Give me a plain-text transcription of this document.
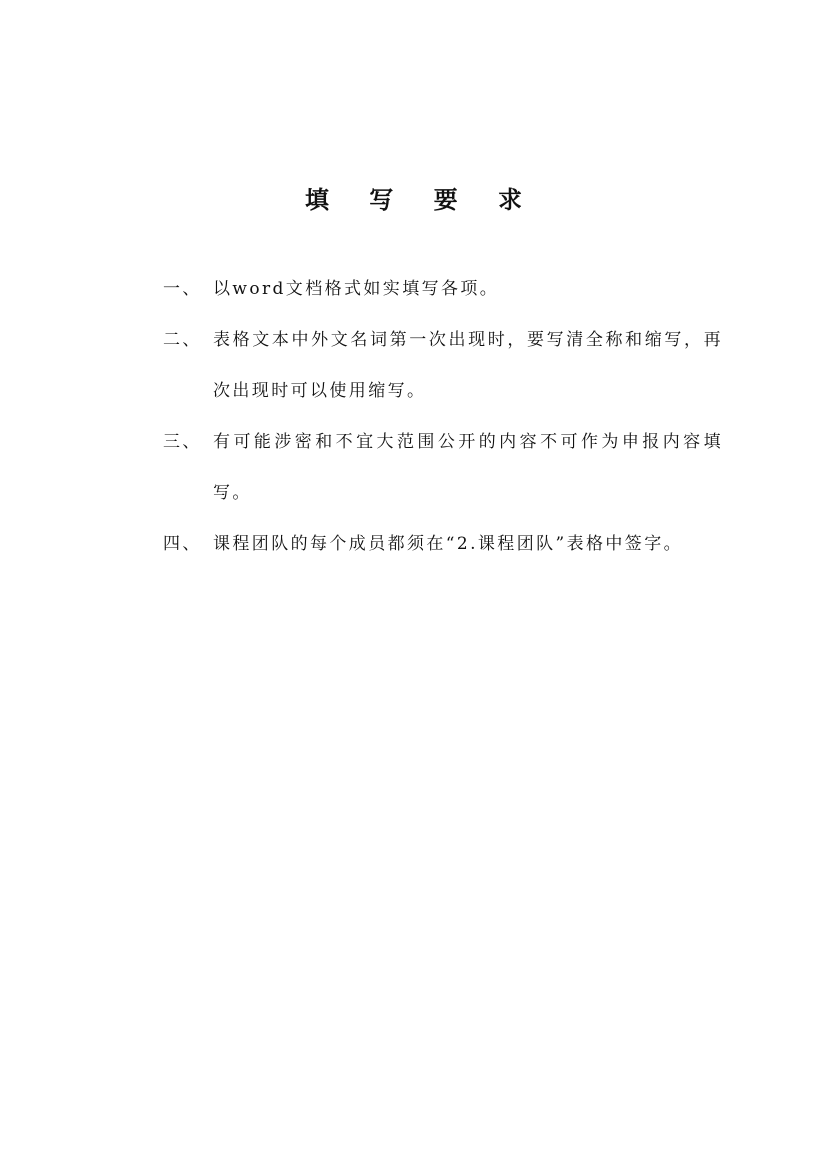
填 写 要 求
一、 以word文档格式如实填写各项。
二、 表格文本中外文名词第一次出现时，要写清全称和缩写，再次出现时可以使用缩写。
三、 有可能涉密和不宜大范围公开的内容不可作为申报内容填写。
四、 课程团队的每个成员都须在“2.课程团队”表格中签字。
